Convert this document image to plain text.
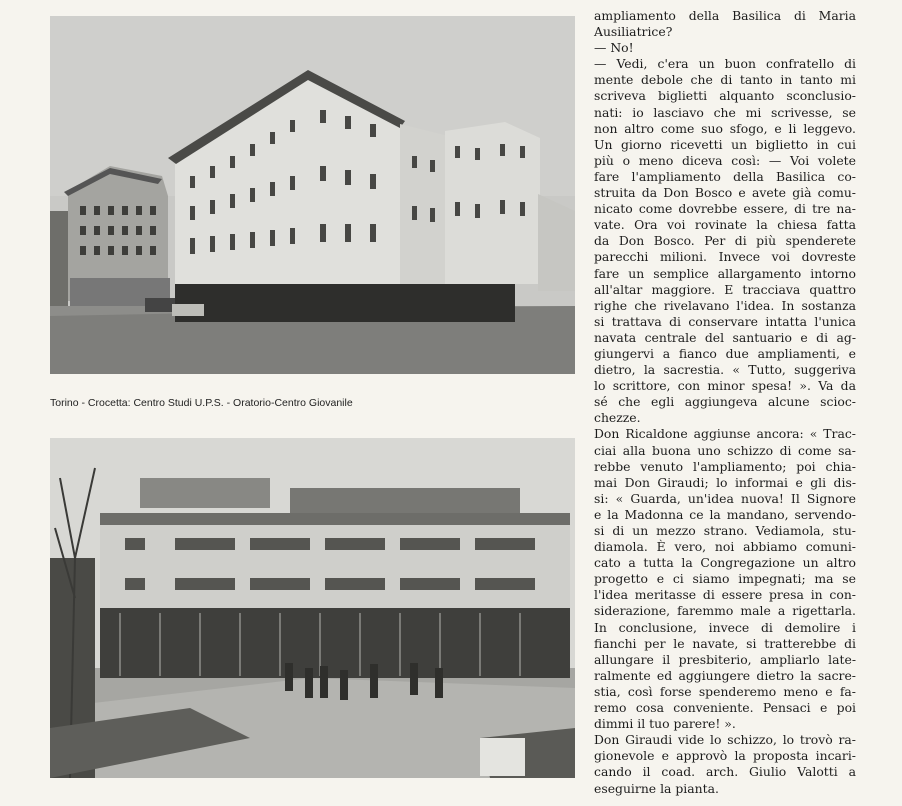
Torino - Crocetta: Centro Studi U.P.S. - Oratorio-Centro Giovanile
ampliamento della Basilica di Maria
Ausiliatrice?
— No!
— Vedi, c'era un buon confratello di
mente debole che di tanto in tanto mi
scriveva biglietti alquanto sconclusio-
nati: io lasciavo che mi scrivesse, se
non altro come suo sfogo, e li leggevo.
Un giorno ricevetti un biglietto in cui
più o meno diceva così: — Voi volete
fare l'ampliamento della Basilica co-
struita da Don Bosco e avete già comu-
nicato come dovrebbe essere, di tre na-
vate. Ora voi rovinate la chiesa fatta
da Don Bosco. Per di più spenderete
parecchi milioni. Invece voi dovreste
fare un semplice allargamento intorno
all'altar maggiore. E tracciava quattro
righe che rivelavano l'idea. In sostanza
si trattava di conservare intatta l'unica
navata centrale del santuario e di ag-
giungervi a fianco due ampliamenti, e
dietro, la sacrestia. « Tutto, suggeriva
lo scrittore, con minor spesa! ». Va da
sé che egli aggiungeva alcune scioc-
chezze.
Don Ricaldone aggiunse ancora: « Trac-
ciai alla buona uno schizzo di come sa-
rebbe venuto l'ampliamento; poi chia-
mai Don Giraudi; lo informai e gli dis-
si: « Guarda, un'idea nuova! Il Signore
e la Madonna ce la mandano, servendo-
si di un mezzo strano. Vediamola, stu-
diamola. È vero, noi abbiamo comuni-
cato a tutta la Congregazione un altro
progetto e ci siamo impegnati; ma se
l'idea meritasse di essere presa in con-
siderazione, faremmo male a rigettarla.
In conclusione, invece di demolire i
fianchi per le navate, si tratterebbe di
allungare il presbiterio, ampliarlo late-
ralmente ed aggiungere dietro la sacre-
stia, così forse spenderemo meno e fa-
remo cosa conveniente. Pensaci e poi
dimmi il tuo parere! ».
Don Giraudi vide lo schizzo, lo trovò ra-
gionevole e approvò la proposta incari-
cando il coad. arch. Giulio Valotti a
eseguirne la pianta.
